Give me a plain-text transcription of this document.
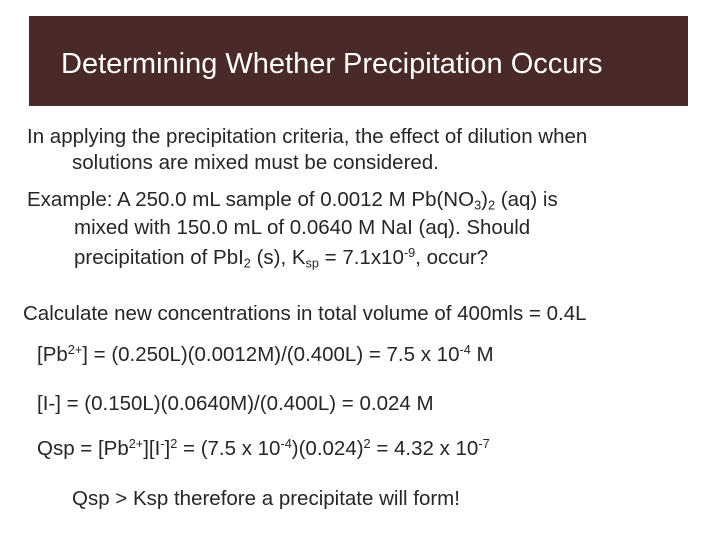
Determining Whether Precipitation Occurs
In applying the precipitation criteria, the effect of dilution when
solutions are mixed must be considered.
Example: A 250.0 mL sample of 0.0012 M $Pb(NO_3)_2$ (aq) is
mixed with 150.0 mL of 0.0640 M NaI (aq). Should
precipitation of PbI$_2$ (s), $K_{sp} = 7.1x10^{-9}$, occur?
Calculate new concentrations in total volume of 400mls = 0.4L
$[Pb^{2+}] = (0.250L)(0.0012M)/(0.400L) = 7.5$ x $10^{-4}$ M
[I-] = (0.150L)(0.0640M)/(0.400L) = 0.024 M
Qsp = $[Pb^{2+}][I^-]^2 = (7.5$ x $10^{-4})(0.024)^2 = 4.32$ x $10^{-7}$
Qsp > Ksp therefore a precipitate will form!
